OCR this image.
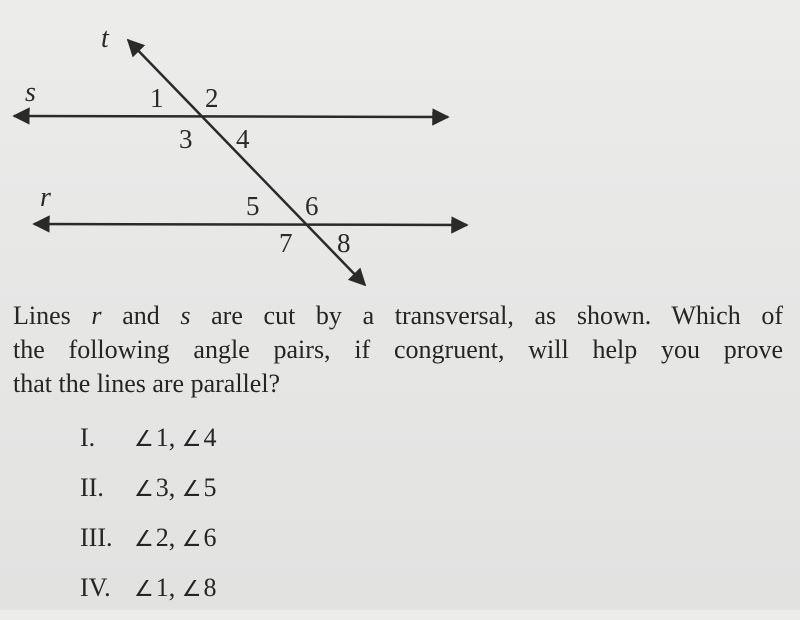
t
s
r
1 2
3 4
5 6
7 8

Lines r and s are cut by a transversal, as shown. Which of
the following angle pairs, if congruent, will help you prove
that the lines are parallel?

I.	∠1, ∠4
II.	∠3, ∠5
III. ∠2, ∠6
IV.	∠1, ∠8
